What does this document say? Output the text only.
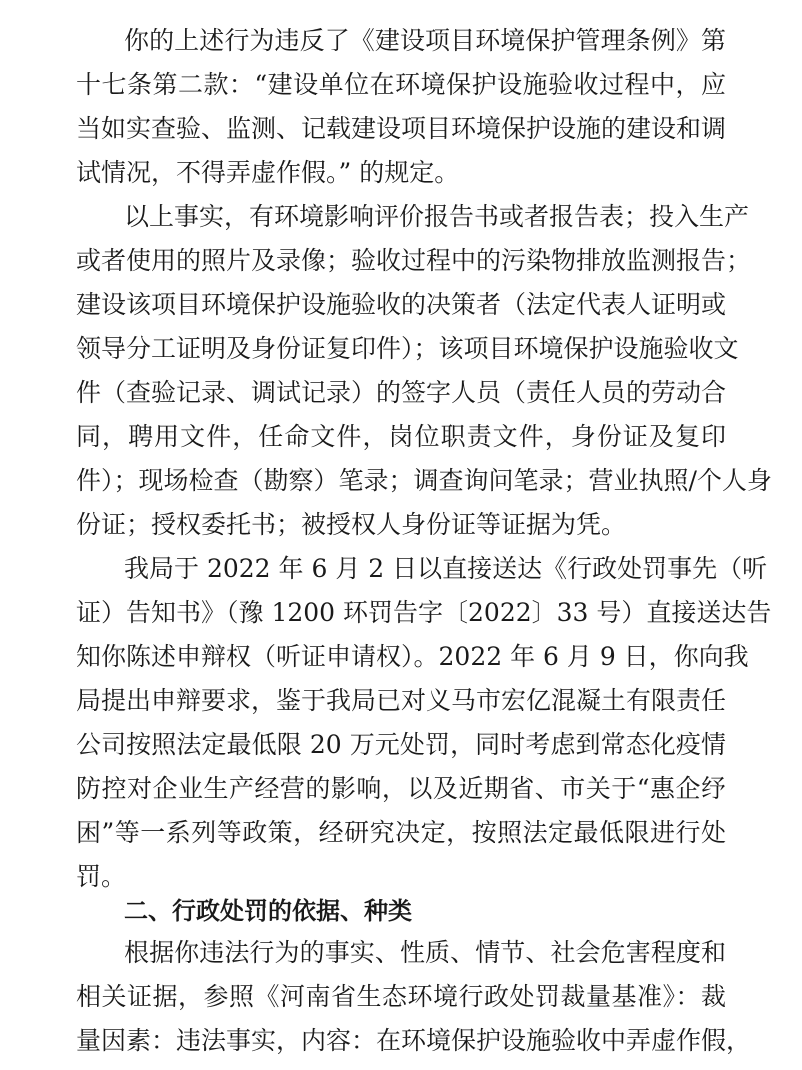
你的上述行为违反了《建设项目环境保护管理条例》第
十七条第二款：“建设单位在环境保护设施验收过程中，应
当如实查验、监测、记载建设项目环境保护设施的建设和调
试情况，不得弄虚作假。” 的规定。
以上事实，有环境影响评价报告书或者报告表；投入生产
或者使用的照片及录像；验收过程中的污染物排放监测报告；
建设该项目环境保护设施验收的决策者（法定代表人证明或
领导分工证明及身份证复印件）；该项目环境保护设施验收文
件（查验记录、调试记录）的签字人员（责任人员的劳动合
同，聘用文件，任命文件，岗位职责文件，身份证及复印
件）；现场检查（勘察）笔录；调查询问笔录；营业执照/个人身
份证；授权委托书；被授权人身份证等证据为凭。
我局于 2022 年 6 月 2 日以直接送达《行政处罚事先（听
证）告知书》（豫 1200 环罚告字〔2022〕33 号）直接送达告
知你陈述申辩权（听证申请权）。2022 年 6 月 9 日，你向我
局提出申辩要求，鉴于我局已对义马市宏亿混凝土有限责任
公司按照法定最低限 20 万元处罚，同时考虑到常态化疫情
防控对企业生产经营的影响，以及近期省、市关于“惠企纾
困”等一系列等政策，经研究决定，按照法定最低限进行处
罚。
二、行政处罚的依据、种类
根据你违法行为的事实、性质、情节、社会危害程度和
相关证据，参照《河南省生态环境行政处罚裁量基准》：裁
量因素：违法事实，内容：在环境保护设施验收中弄虚作假，
